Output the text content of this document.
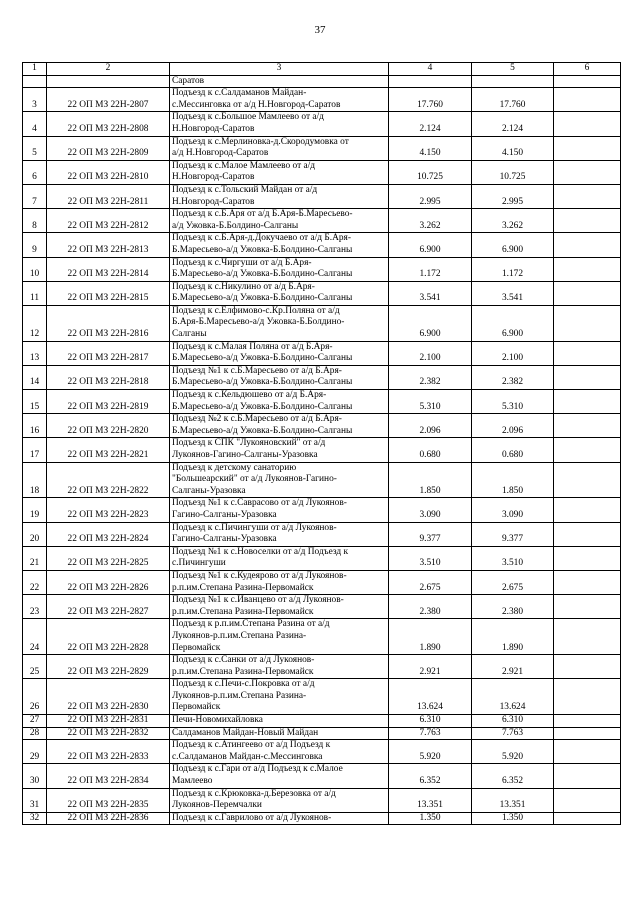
37
1	2	3	4	5	6
		Саратов			
3	22 ОП МЗ 22Н-2807	Подъезд к с.Салдаманов Майдан-
с.Мессинговка от а/д Н.Новгород-Саратов	17.760	17.760	
4	22 ОП МЗ 22Н-2808	Подъезд к с.Большое Мамлеево от а/д
Н.Новгород-Саратов	2.124	2.124	
5	22 ОП МЗ 22Н-2809	Подъезд к с.Мерлиновка-д.Скородумовка от
а/д Н.Новгород-Саратов	4.150	4.150	
6	22 ОП МЗ 22Н-2810	Подъезд к с.Малое Мамлеево от а/д
Н.Новгород-Саратов	10.725	10.725	
7	22 ОП МЗ 22Н-2811	Подъезд к с.Тольский Майдан от а/д
Н.Новгород-Саратов	2.995	2.995	
8	22 ОП МЗ 22Н-2812	Подъезд к с.Б.Аря от а/д Б.Аря-Б.Маресьево-
а/д Ужовка-Б.Болдино-Салганы	3.262	3.262	
9	22 ОП МЗ 22Н-2813	Подъезд к с.Б.Аря-д.Докучаево от а/д Б.Аря-
Б.Маресьево-а/д Ужовка-Б.Болдино-Салганы	6.900	6.900	
10	22 ОП МЗ 22Н-2814	Подъезд к с.Чиргуши от а/д Б.Аря-
Б.Маресьево-а/д Ужовка-Б.Болдино-Салганы	1.172	1.172	
11	22 ОП МЗ 22Н-2815	Подъезд к с.Никулино от а/д Б.Аря-
Б.Маресьево-а/д Ужовка-Б.Болдино-Салганы	3.541	3.541	
12	22 ОП МЗ 22Н-2816	Подъезд к с.Елфимово-с.Кр.Поляна от а/д
Б.Аря-Б.Маресьево-а/д Ужовка-Б.Болдино-
Салганы	6.900	6.900	
13	22 ОП МЗ 22Н-2817	Подъезд к с.Малая Поляна от а/д Б.Аря-
Б.Маресьево-а/д Ужовка-Б.Болдино-Салганы	2.100	2.100	
14	22 ОП МЗ 22Н-2818	Подъезд №1 к с.Б.Маресьево от а/д Б.Аря-
Б.Маресьево-а/д Ужовка-Б.Болдино-Салганы	2.382	2.382	
15	22 ОП МЗ 22Н-2819	Подъезд к с.Кельдюшево от а/д Б.Аря-
Б.Маресьево-а/д Ужовка-Б.Болдино-Салганы	5.310	5.310	
16	22 ОП МЗ 22Н-2820	Подъезд №2 к с.Б.Маресьево от а/д Б.Аря-
Б.Маресьево-а/д Ужовка-Б.Болдино-Салганы	2.096	2.096	
17	22 ОП МЗ 22Н-2821	Подъезд к СПК "Лукояновский" от а/д
Лукоянов-Гагино-Салганы-Уразовка	0.680	0.680	
18	22 ОП МЗ 22Н-2822	Подъезд к детскому санаторию
"Большеарский" от а/д Лукоянов-Гагино-
Салганы-Уразовка	1.850	1.850	
19	22 ОП МЗ 22Н-2823	Подъезд №1 к с.Саврасово от а/д Лукоянов-
Гагино-Салганы-Уразовка	3.090	3.090	
20	22 ОП МЗ 22Н-2824	Подъезд к с.Пичингуши от а/д Лукоянов-
Гагино-Салганы-Уразовка	9.377	9.377	
21	22 ОП МЗ 22Н-2825	Подъезд №1 к с.Новоселки от а/д Подъезд к
с.Пичингуши	3.510	3.510	
22	22 ОП МЗ 22Н-2826	Подъезд №1 к с.Кудеярово от а/д Лукоянов-
р.п.им.Степана Разина-Первомайск	2.675	2.675	
23	22 ОП МЗ 22Н-2827	Подъезд №1 к с.Иванцево от а/д Лукоянов-
р.п.им.Степана Разина-Первомайск	2.380	2.380	
24	22 ОП МЗ 22Н-2828	Подъезд к р.п.им.Степана Разина от а/д
Лукоянов-р.п.им.Степана Разина-
Первомайск	1.890	1.890	
25	22 ОП МЗ 22Н-2829	Подъезд к с.Санки от а/д Лукоянов-
р.п.им.Степана Разина-Первомайск	2.921	2.921	
26	22 ОП МЗ 22Н-2830	Подъезд к с.Печи-с.Покровка от а/д
Лукоянов-р.п.им.Степана Разина-
Первомайск	13.624	13.624	
27	22 ОП МЗ 22Н-2831	Печи-Новомихайловка	6.310	6.310	
28	22 ОП МЗ 22Н-2832	Салдаманов Майдан-Новый Майдан	7.763	7.763	
29	22 ОП МЗ 22Н-2833	Подъезд к с.Атингеево от а/д Подъезд к
с.Салдаманов Майдан-с.Мессинговка	5.920	5.920	
30	22 ОП МЗ 22Н-2834	Подъезд к с.Гари от а/д Подъезд к с.Малое
Мамлеево	6.352	6.352	
31	22 ОП МЗ 22Н-2835	Подъезд к с.Крюковка-д.Березовка от а/д
Лукоянов-Перемчалки	13.351	13.351	
32	22 ОП МЗ 22Н-2836	Подъезд к с.Гаврилово от а/д Лукоянов-	1.350	1.350	
